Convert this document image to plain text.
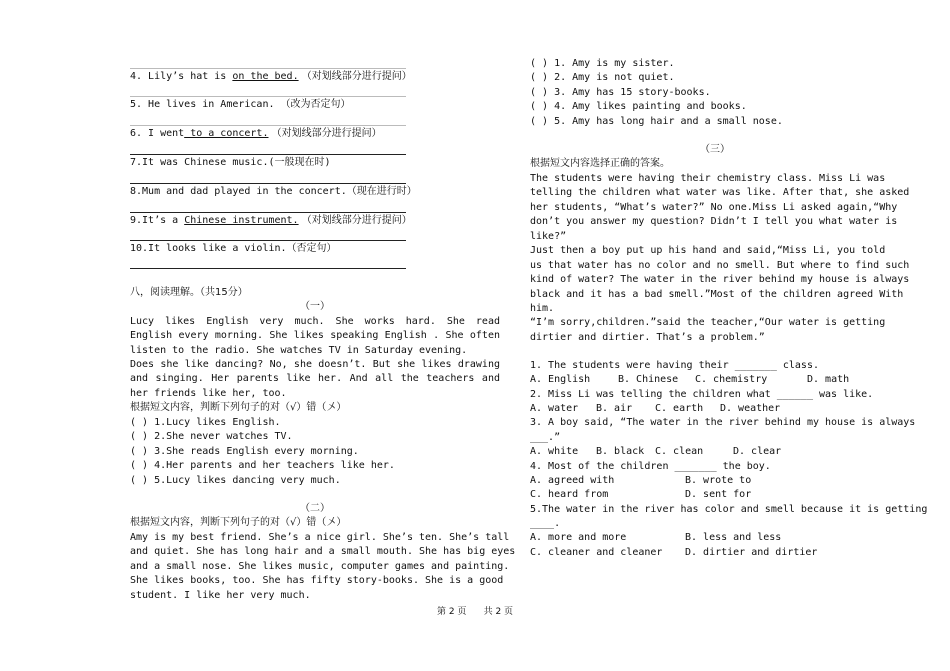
4. Lily’s hat is on the bed. （对划线部分进行提问）
5. He lives in American. （改为否定句）
6. I went to a concert. （对划线部分进行提问）
7.It was Chinese music.(一般现在时)
8.Mum and dad played in the concert.（现在进行时）
9.It’s a Chinese instrument. （对划线部分进行提问）
10.It looks like a violin.（否定句）
八，阅读理解。（共15分）
（一）
Lucy likes English very much. She works hard. She read English every morning. She likes speaking English . She often listen to the radio. She watches TV in Saturday evening.
Does she like dancing? No, she doesn’t. But she likes drawing and singing. Her parents like her. And all the teachers and her friends like her, too.
根据短文内容，判断下列句子的对（√）错（〤）
( ) 1.Lucy likes English.
( ) 2.She never watches TV.
( ) 3.She reads English every morning.
( ) 4.Her parents and her teachers like her.
( ) 5.Lucy likes dancing very much.
（二）
根据短文内容，判断下列句子的对（√）错（〤）
Amy is my best friend. She’s a nice girl. She’s ten. She’s tall
and quiet. She has long hair and a small mouth. She has big eyes
and a small nose. She likes music, computer games and painting.
She likes books, too. She has fifty story-books. She is a good
student. I like her very much.
( ) 1. Amy is my sister.
( ) 2. Amy is not quiet.
( ) 3. Amy has 15 story-books.
( ) 4. Amy likes painting and books.
( ) 5. Amy has long hair and a small nose.
（三）
根据短文内容选择正确的答案。
The students were having their chemistry class. Miss Li was
telling the children what water was like. After that, she asked
her students, “What’s water?” No one.Miss Li asked again,“Why
don’t you answer my question? Didn’t I tell you what water is
like?”
Just then a boy put up his hand and said,“Miss Li, you told
us that water has no color and no smell. But where to find such
kind of water? The water in the river behind my house is always
black and it has a bad smell.”Most of the children agreed With
him.
“I’m sorry,children.”said the teacher,“Our water is getting
dirtier and dirtier. That’s a problem.”
1. The students were having their _______ class.
A. English	B. Chinese C. chemistry	D. math
2. Miss Li was telling the children what ______ was like.
A. water B. air C. earth D. weather
3. A boy said, “The water in the river behind my house is always
___.”
A. white B. black C. clean	D. clear
4. Most of the children _______ the boy.
A. agreed with	B. wrote to
C. heard from	D. sent for
5.The water in the river has color and smell because it is getting
____.
A. more and more	B. less and less
C. cleaner and cleaner D. dirtier and dirtier
第 2 页      共 2 页
